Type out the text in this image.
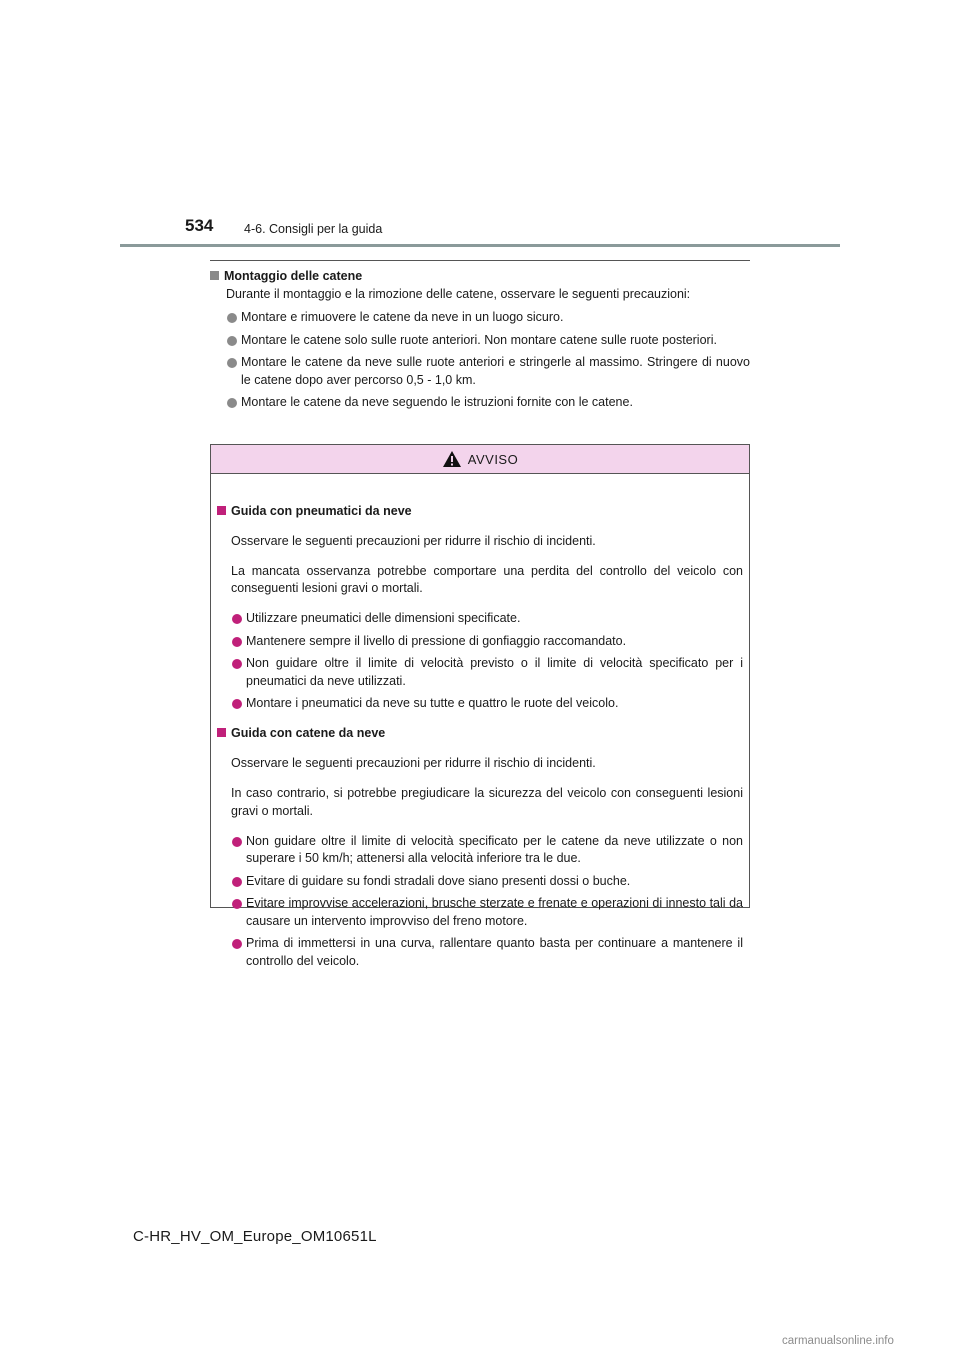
534 4-6. Consigli per la guida

Montaggio delle catene

Durante il montaggio e la rimozione delle catene, osservare le seguenti precauzioni:

Montare e rimuovere le catene da neve in un luogo sicuro.
Montare le catene solo sulle ruote anteriori. Non montare catene sulle ruote posteriori.
Montare le catene da neve sulle ruote anteriori e stringerle al massimo. Stringere di nuovo le catene dopo aver percorso 0,5 - 1,0 km.
Montare le catene da neve seguendo le istruzioni fornite con le catene.
AVVISO

Guida con pneumatici da neve

Osservare le seguenti precauzioni per ridurre il rischio di incidenti.

La mancata osservanza potrebbe comportare una perdita del controllo del veicolo con conseguenti lesioni gravi o mortali.

Utilizzare pneumatici delle dimensioni specificate.
Mantenere sempre il livello di pressione di gonfiaggio raccomandato.
Non guidare oltre il limite di velocità previsto o il limite di velocità specificato per i pneumatici da neve utilizzati.
Montare i pneumatici da neve su tutte e quattro le ruote del veicolo.

Guida con catene da neve

Osservare le seguenti precauzioni per ridurre il rischio di incidenti.

In caso contrario, si potrebbe pregiudicare la sicurezza del veicolo con conseguenti lesioni gravi o mortali.

Non guidare oltre il limite di velocità specificato per le catene da neve utilizzate o non superare i 50 km/h; attenersi alla velocità inferiore tra le due.
Evitare di guidare su fondi stradali dove siano presenti dossi o buche.
Evitare improvvise accelerazioni, brusche sterzate e frenate e operazioni di innesto tali da causare un intervento improvviso del freno motore.
Prima di immettersi in una curva, rallentare quanto basta per continuare a mantenere il controllo del veicolo.
C-HR_HV_OM_Europe_OM10651L
carmanualsonline.info
